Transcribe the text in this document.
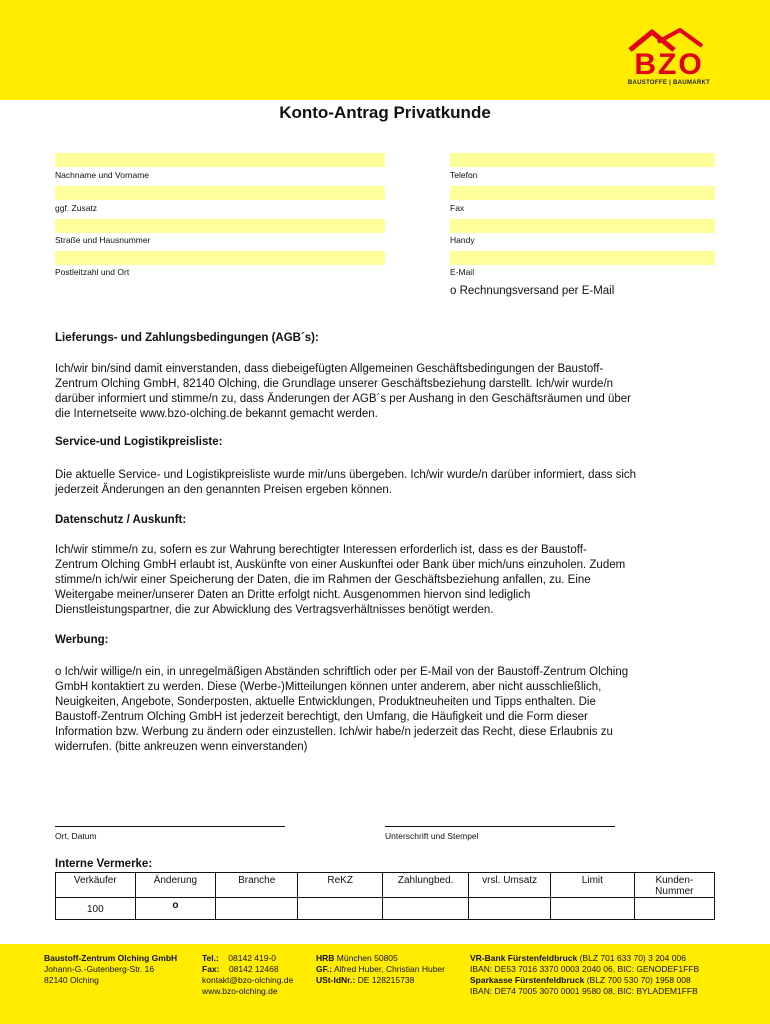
BZO
BAUSTOFFE | BAUMARKT
Konto-Antrag Privatkunde
Nachname und Vorname
ggf. Zusatz
Straße und Hausnummer
Postleitzahl und Ort
Telefon
Fax
Handy
E-Mail
o Rechnungsversand per E-Mail
Lieferungs- und Zahlungsbedingungen (AGB´s):
Ich/wir bin/sind damit einverstanden, dass diebeigefügten Allgemeinen Geschäftsbedingungen der Baustoff-
Zentrum Olching GmbH, 82140 Olching, die Grundlage unserer Geschäftsbeziehung darstellt. Ich/wir wurde/n
darüber informiert und stimme/n zu, dass Änderungen der AGB´s per Aushang in den Geschäftsräumen und über
die Internetseite www.bzo-olching.de bekannt gemacht werden.
Service-und Logistikpreisliste:
Die aktuelle Service- und Logistikpreisliste wurde mir/uns übergeben. Ich/wir wurde/n darüber informiert, dass sich
jederzeit Änderungen an den genannten Preisen ergeben können.
Datenschutz / Auskunft:
Ich/wir stimme/n zu, sofern es zur Wahrung berechtigter Interessen erforderlich ist, dass es der Baustoff-
Zentrum Olching GmbH erlaubt ist, Auskünfte von einer Auskunftei oder Bank über mich/uns einzuholen. Zudem
stimme/n ich/wir einer Speicherung der Daten, die im Rahmen der Geschäftsbeziehung anfallen, zu. Eine
Weitergabe meiner/unserer Daten an Dritte erfolgt nicht. Ausgenommen hiervon sind lediglich
Dienstleistungspartner, die zur Abwicklung des Vertragsverhältnisses benötigt werden.
Werbung:
o Ich/wir willige/n ein, in unregelmäßigen Abständen schriftlich oder per E-Mail von der Baustoff-Zentrum Olching
GmbH kontaktiert zu werden. Diese (Werbe-)Mitteilungen können unter anderem, aber nicht ausschließlich,
Neuigkeiten, Angebote, Sonderposten, aktuelle Entwicklungen, Produktneuheiten und Tipps enthalten. Die
Baustoff-Zentrum Olching GmbH ist jederzeit berechtigt, den Umfang, die Häufigkeit und die Form dieser
Information bzw. Werbung zu ändern oder einzustellen. Ich/wir habe/n jederzeit das Recht, diese Erlaubnis zu
widerrufen. (bitte ankreuzen wenn einverstanden)
Ort, Datum	Unterschrift und Stempel
Interne Vermerke:
Verkäufer	Änderung	Branche	ReKZ	Zahlungbed.	vrsl. Umsatz	Limit	Kunden-
Nummer
100	o						
Baustoff-Zentrum Olching GmbH
Johann-G.-Gutenberg-Str. 16
82140 Olching
Tel.: 08142 419-0
Fax: 08142 12468
kontakt@bzo-olching.de
www.bzo-olching.de
HRB München 50805
GF.: Alfred Huber, Christian Huber
USt-IdNr.: DE 128215738
VR-Bank Fürstenfeldbruck (BLZ 701 633 70) 3 204 006
IBAN: DE53 7016 3370 0003 2040 06, BIC: GENODEF1FFB
Sparkasse Fürstenfeldbruck (BLZ 700 530 70) 1958 008
IBAN: DE74 7005 3070 0001 9580 08, BIC: BYLADEM1FFB
